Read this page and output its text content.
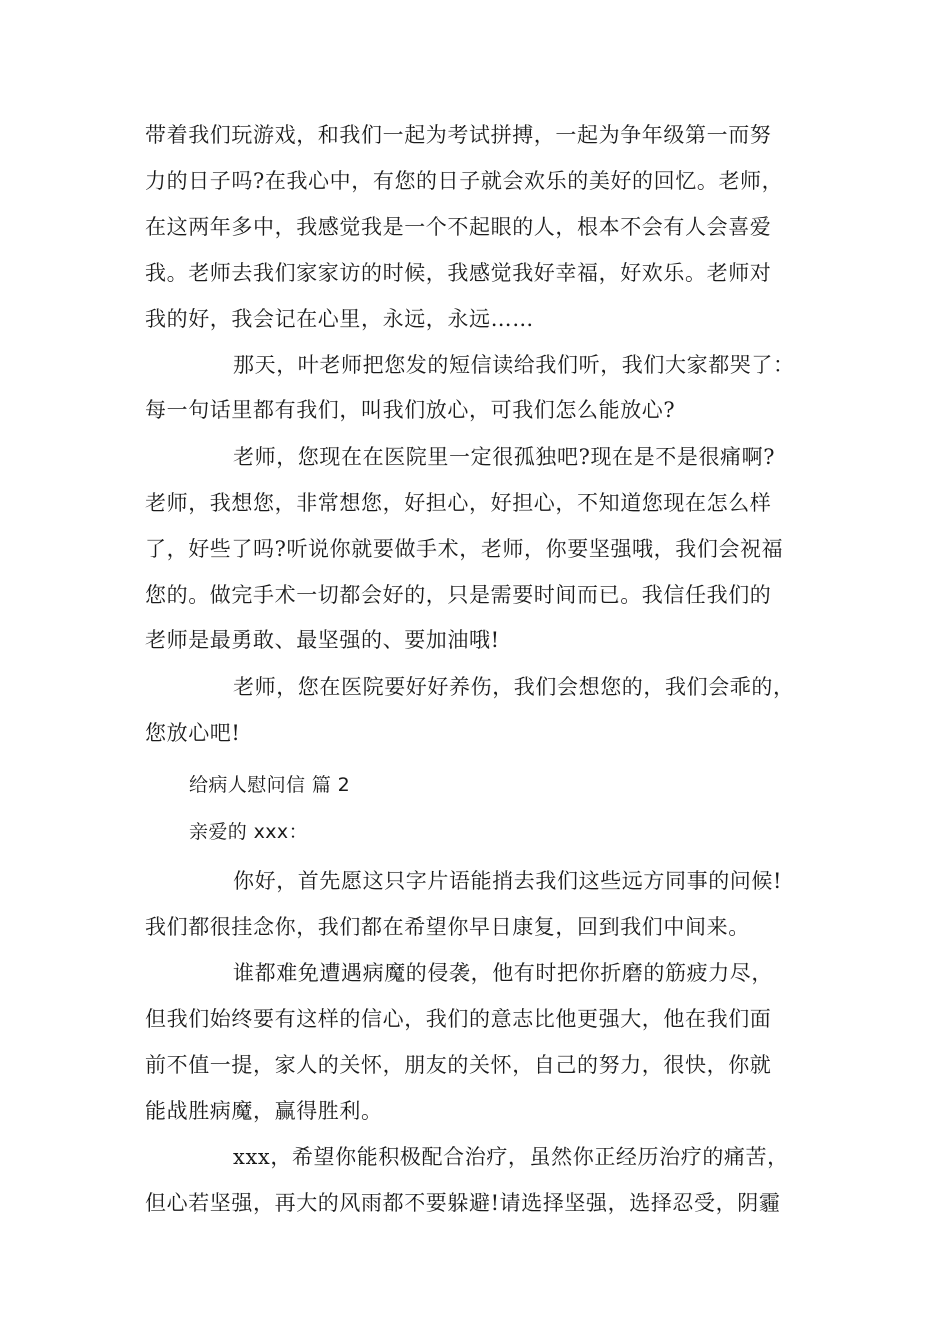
带着我们玩游戏，和我们一起为考试拼搏，一起为争年级第一而努
力的日子吗?在我心中，有您的日子就会欢乐的美好的回忆。老师，
在这两年多中，我感觉我是一个不起眼的人，根本不会有人会喜爱
我。老师去我们家家访的时候，我感觉我好幸福，好欢乐。老师对
我的好，我会记在心里，永远，永远……
那天，叶老师把您发的短信读给我们听，我们大家都哭了：
每一句话里都有我们，叫我们放心，可我们怎么能放心?
老师，您现在在医院里一定很孤独吧?现在是不是很痛啊?
老师，我想您，非常想您，好担心，好担心，不知道您现在怎么样
了，好些了吗?听说你就要做手术，老师，你要坚强哦，我们会祝福
您的。做完手术一切都会好的，只是需要时间而已。我信任我们的
老师是最勇敢、最坚强的、要加油哦!
老师，您在医院要好好养伤，我们会想您的，我们会乖的，
您放心吧!
给病人慰问信 篇 2
亲爱的 xxx：
你好，首先愿这只字片语能捎去我们这些远方同事的问候!
我们都很挂念你，我们都在希望你早日康复，回到我们中间来。
谁都难免遭遇病魔的侵袭，他有时把你折磨的筋疲力尽，
但我们始终要有这样的信心，我们的意志比他更强大，他在我们面
前不值一提，家人的关怀，朋友的关怀，自己的努力，很快，你就
能战胜病魔，赢得胜利。
xxx，希望你能积极配合治疗，虽然你正经历治疗的痛苦，
但心若坚强，再大的风雨都不要躲避!请选择坚强，选择忍受，阴霾
